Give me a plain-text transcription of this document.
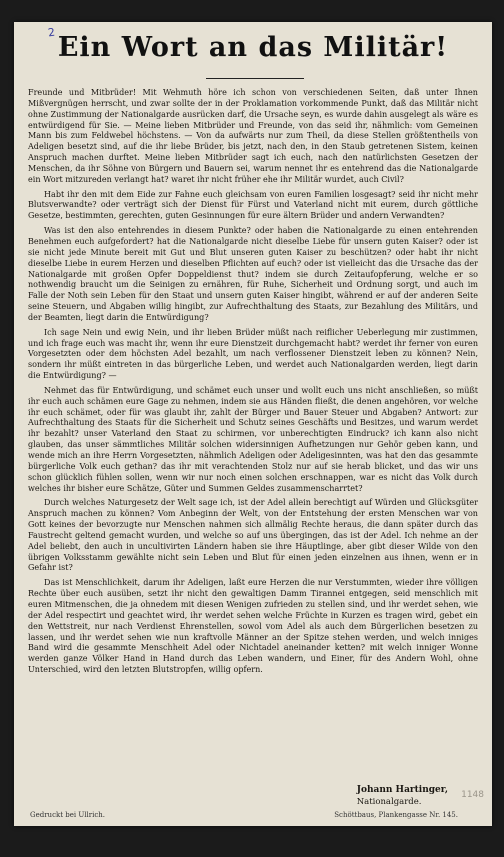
2 Ein Wort an das Militär!

Freunde und Mitbrüder! Mit Wehmuth höre ich schon von verschiedenen Seiten, daß unter Ihnen Mißvergnügen herrscht, und zwar sollte der in der Proklamation vorkommende Punkt, daß das Militär nicht ohne Zustimmung der Nationalgarde ausrücken darf, die Ursache seyn, es wurde dahin ausgelegt als wäre es entwürdigend für Sie. — Meine lieben Mitbrüder und Freunde, von das seid ihr, nähmlich: vom Gemeinen Mann bis zum Feldwebel höchstens. — Von da aufwärts nur zum Theil, da diese Stellen größtentheils von Adeligen besetzt sind, auf die ihr liebe Brüder, bis jetzt, nach den, in den Staub getretenen Sistem, keinen Anspruch machen durftet. Meine lieben Mitbrüder sagt ich euch, nach den natürlichsten Gesetzen der Menschen, da ihr Söhne von Bürgern und Bauern sei, warum nennet ihr es entehrend das die Nationalgarde ein Wort mitzureden verlangt hat? waret ihr nicht früher ehe ihr Militär wurdet, auch Civil?

Habt ihr den mit dem Eide zur Fahne euch gleichsam von euren Familien losgesagt? seid ihr nicht mehr Blutsverwandte? oder verträgt sich der Dienst für Fürst und Vaterland nicht mit eurem, durch göttliche Gesetze, bestimmten, gerechten, guten Gesinnungen für eure ältern Brüder und andern Verwandten?

Was ist den also entehrendes in diesem Punkte? oder haben die Nationalgarde zu einen entehrenden Benehmen euch aufgefordert? hat die Nationalgarde nicht dieselbe Liebe für unsern guten Kaiser? oder ist sie nicht jede Minute bereit mit Gut und Blut unseren guten Kaiser zu beschützen? oder habt ihr nicht dieselbe Liebe in eurem Herzen und dieselben Pflichten auf euch? oder ist vielleicht das die Ursache das der Nationalgarde mit großen Opfer Doppeldienst thut? indem sie durch Zeitaufopferung, welche er so nothwendig braucht um die Seinigen zu ernähren, für Ruhe, Sicherheit und Ordnung sorgt, und auch im Falle der Noth sein Leben für den Staat und unsern guten Kaiser hingibt, während er auf der anderen Seite seine Steuern, und Abgaben willig hingibt, zur Aufrechthaltung des Staats, zur Bezahlung des Militärs, und der Beamten, liegt darin die Entwürdigung?

Ich sage Nein und ewig Nein, und ihr lieben Brüder müßt nach reiflicher Ueberlegung mir zustimmen, und ich frage euch was macht ihr, wenn ihr eure Dienstzeit durchgemacht habt? werdet ihr ferner von euren Vorgesetzten oder dem höchsten Adel bezahlt, um nach verflossener Dienstzeit leben zu können? Nein, sondern ihr müßt eintreten in das bürgerliche Leben, und werdet auch Nationalgarden werden, liegt darin die Entwürdigung? —

Nehmet das für Entwürdigung, und schämet euch unser und wollt euch uns nicht anschließen, so müßt ihr euch auch schämen eure Gage zu nehmen, indem sie aus Händen fließt, die denen angehören, vor welche ihr euch schämet, oder für was glaubt ihr, zahlt der Bürger und Bauer Steuer und Abgaben? Antwort: zur Aufrechthaltung des Staats für die Sicherheit und Schutz seines Geschäfts und Besitzes, und warum werdet ihr bezahlt? unser Vaterland den Staat zu schirmen, vor unberechtigten Eindruck? ich kann also nicht glauben, das unser sämmtliches Militär solchen widersinnigen Aufhetzungen nur Gehör geben kann, und wende mich an ihre Herrn Vorgesetzten, nähmlich Adeligen oder Adeligesinnten, was hat den das gesammte bürgerliche Volk euch gethan? das ihr mit verachtenden Stolz nur auf sie herab blicket, und das wir uns schon glücklich fühlen sollen, wenn wir nur noch einen solchen erschnappen, war es nicht das Volk durch welches ihr bisher eure Schätze, Güter und Summen Geldes zusammenscharrtet?

Durch welches Naturgesetz der Welt sage ich, ist der Adel allein berechtigt auf Würden und Glücksgüter Anspruch machen zu können? Vom Anbeginn der Welt, von der Entstehung der ersten Menschen war von Gott keines der bevorzugte nur Menschen nahmen sich allmälig Rechte heraus, die dann später durch das Faustrecht geltend gemacht wurden, und welche so auf uns übergingen, das ist der Adel. Ich nehme an der Adel beliebt, den auch in uncultivirten Ländern haben sie ihre Häuptlinge, aber gibt dieser Wilde von den übrigen Volksstamm gewählte nicht sein Leben und Blut für einen jeden einzelnen aus ihnen, wenn er in Gefahr ist?

Das ist Menschlichkeit, darum ihr Adeligen, laßt eure Herzen die nur Verstummten, wieder ihre völligen Rechte über euch ausüben, setzt ihr nicht den gewaltigen Damm Tirannei entgegen, seid menschlich mit euren Mitmenschen, die ja ohnedem mit diesen Wenigen zufrieden zu stellen sind, und ihr werdet sehen, wie der Adel respectirt und geachtet wird, ihr werdet sehen welche Früchte in Kurzen es tragen wird, gebet ein den Wettstreit, nur nach Verdienst Ehrenstellen, sowol vom Adel als auch dem Bürgerlichen besetzen zu lassen, und ihr werdet sehen wie nun kraftvolle Männer an der Spitze stehen werden, und welch inniges Band wird die gesammte Menschheit Adel oder Nichtadel aneinander ketten? mit welch inniger Wonne werden ganze Völker Hand in Hand durch das Leben wandern, und Einer, für des Andern Wohl, ohne Unterschied, wird den letzten Blutstropfen, willig opfern.

Johann Hartinger,
Nationalgarde.
Gedruckt bei Ullrich.	Schöttbaus, Plankengasse Nr. 145.
1148
